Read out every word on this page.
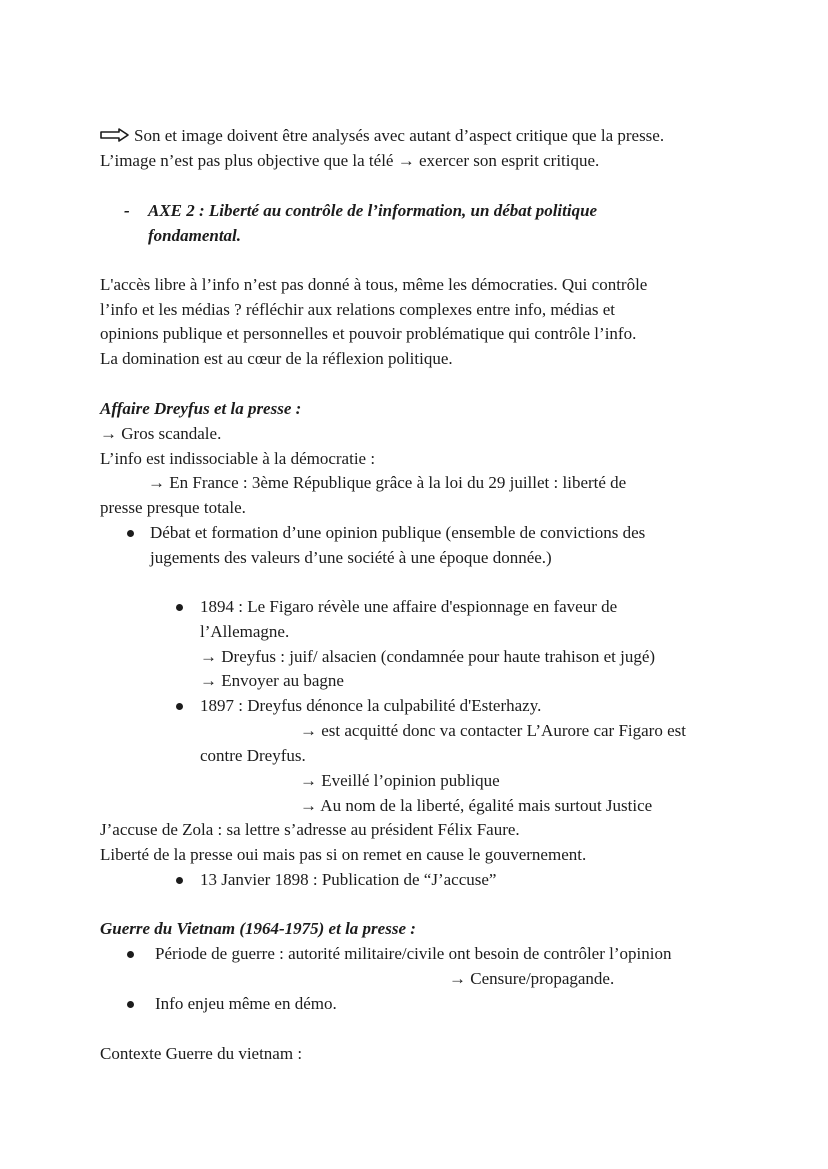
Son et image doivent être analysés avec autant d’aspect critique que la presse.
L’image n’est pas plus objective que la télé → exercer son esprit critique.
- AXE 2 : Liberté au contrôle de l’information, un débat politique
fondamental.
L'accès libre à l’info n’est pas donné à tous, même les démocraties. Qui contrôle
l’info et les médias ? réfléchir aux relations complexes entre info, médias et
opinions publique et personnelles et pouvoir problématique qui contrôle l’info.
La domination est au cœur de la réflexion politique.
Affaire Dreyfus et la presse :
→ Gros scandale.
L’info est indissociable à la démocratie :
→ En France : 3ème République grâce à la loi du 29 juillet : liberté de
presse presque totale.
Débat et formation d’une opinion publique (ensemble de convictions des
jugements des valeurs d’une société à une époque donnée.)
1894 : Le Figaro révèle une affaire d'espionnage en faveur de
l’Allemagne.
→ Dreyfus : juif/ alsacien (condamnée pour haute trahison et jugé)
→ Envoyer au bagne
1897 : Dreyfus dénonce la culpabilité d'Esterhazy.
→ est acquitté donc va contacter L’Aurore car Figaro est
contre Dreyfus.
→ Eveillé l’opinion publique
→ Au nom de la liberté, égalité mais surtout Justice
J’accuse de Zola : sa lettre s’adresse au président Félix Faure.
Liberté de la presse oui mais pas si on remet en cause le gouvernement.
13 Janvier 1898 : Publication de “J’accuse”
Guerre du Vietnam (1964-1975) et la presse :
Période de guerre : autorité militaire/civile ont besoin de contrôler l’opinion
→ Censure/propagande.
Info enjeu même en démo.
Contexte Guerre du vietnam :
